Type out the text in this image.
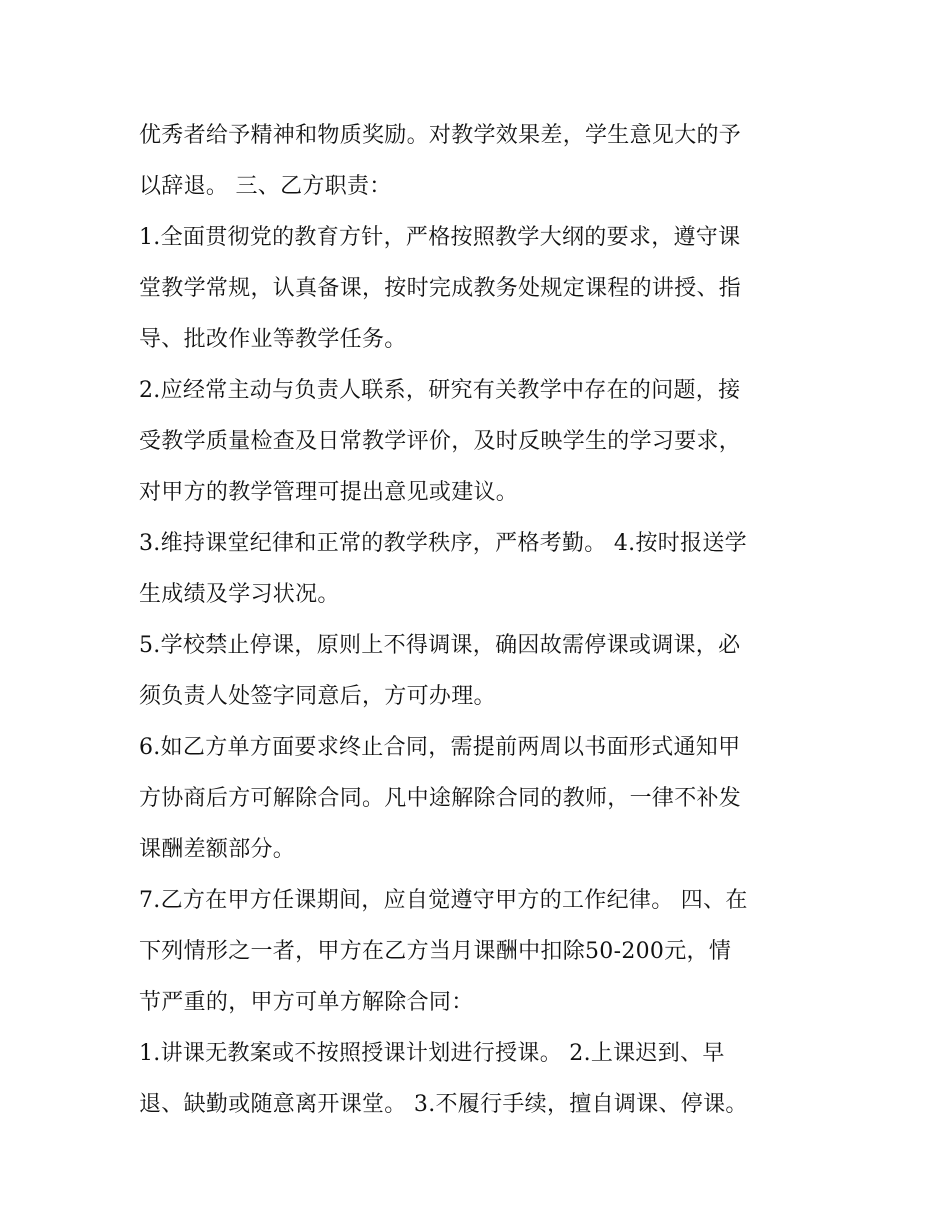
优秀者给予精神和物质奖励。对教学效果差，学生意见大的予
以辞退。 三、乙方职责：
1.全面贯彻党的教育方针，严格按照教学大纲的要求，遵守课
堂教学常规，认真备课，按时完成教务处规定课程的讲授、指
导、批改作业等教学任务。
2.应经常主动与负责人联系，研究有关教学中存在的问题，接
受教学质量检查及日常教学评价，及时反映学生的学习要求，
对甲方的教学管理可提出意见或建议。
3.维持课堂纪律和正常的教学秩序，严格考勤。 4.按时报送学
生成绩及学习状况。
5.学校禁止停课，原则上不得调课，确因故需停课或调课，必
须负责人处签字同意后，方可办理。
6.如乙方单方面要求终止合同，需提前两周以书面形式通知甲
方协商后方可解除合同。凡中途解除合同的教师，一律不补发
课酬差额部分。
7.乙方在甲方任课期间，应自觉遵守甲方的工作纪律。 四、在
下列情形之一者，甲方在乙方当月课酬中扣除50-200元，情
节严重的，甲方可单方解除合同：
1.讲课无教案或不按照授课计划进行授课。 2.上课迟到、早
退、缺勤或随意离开课堂。 3.不履行手续，擅自调课、停课。
